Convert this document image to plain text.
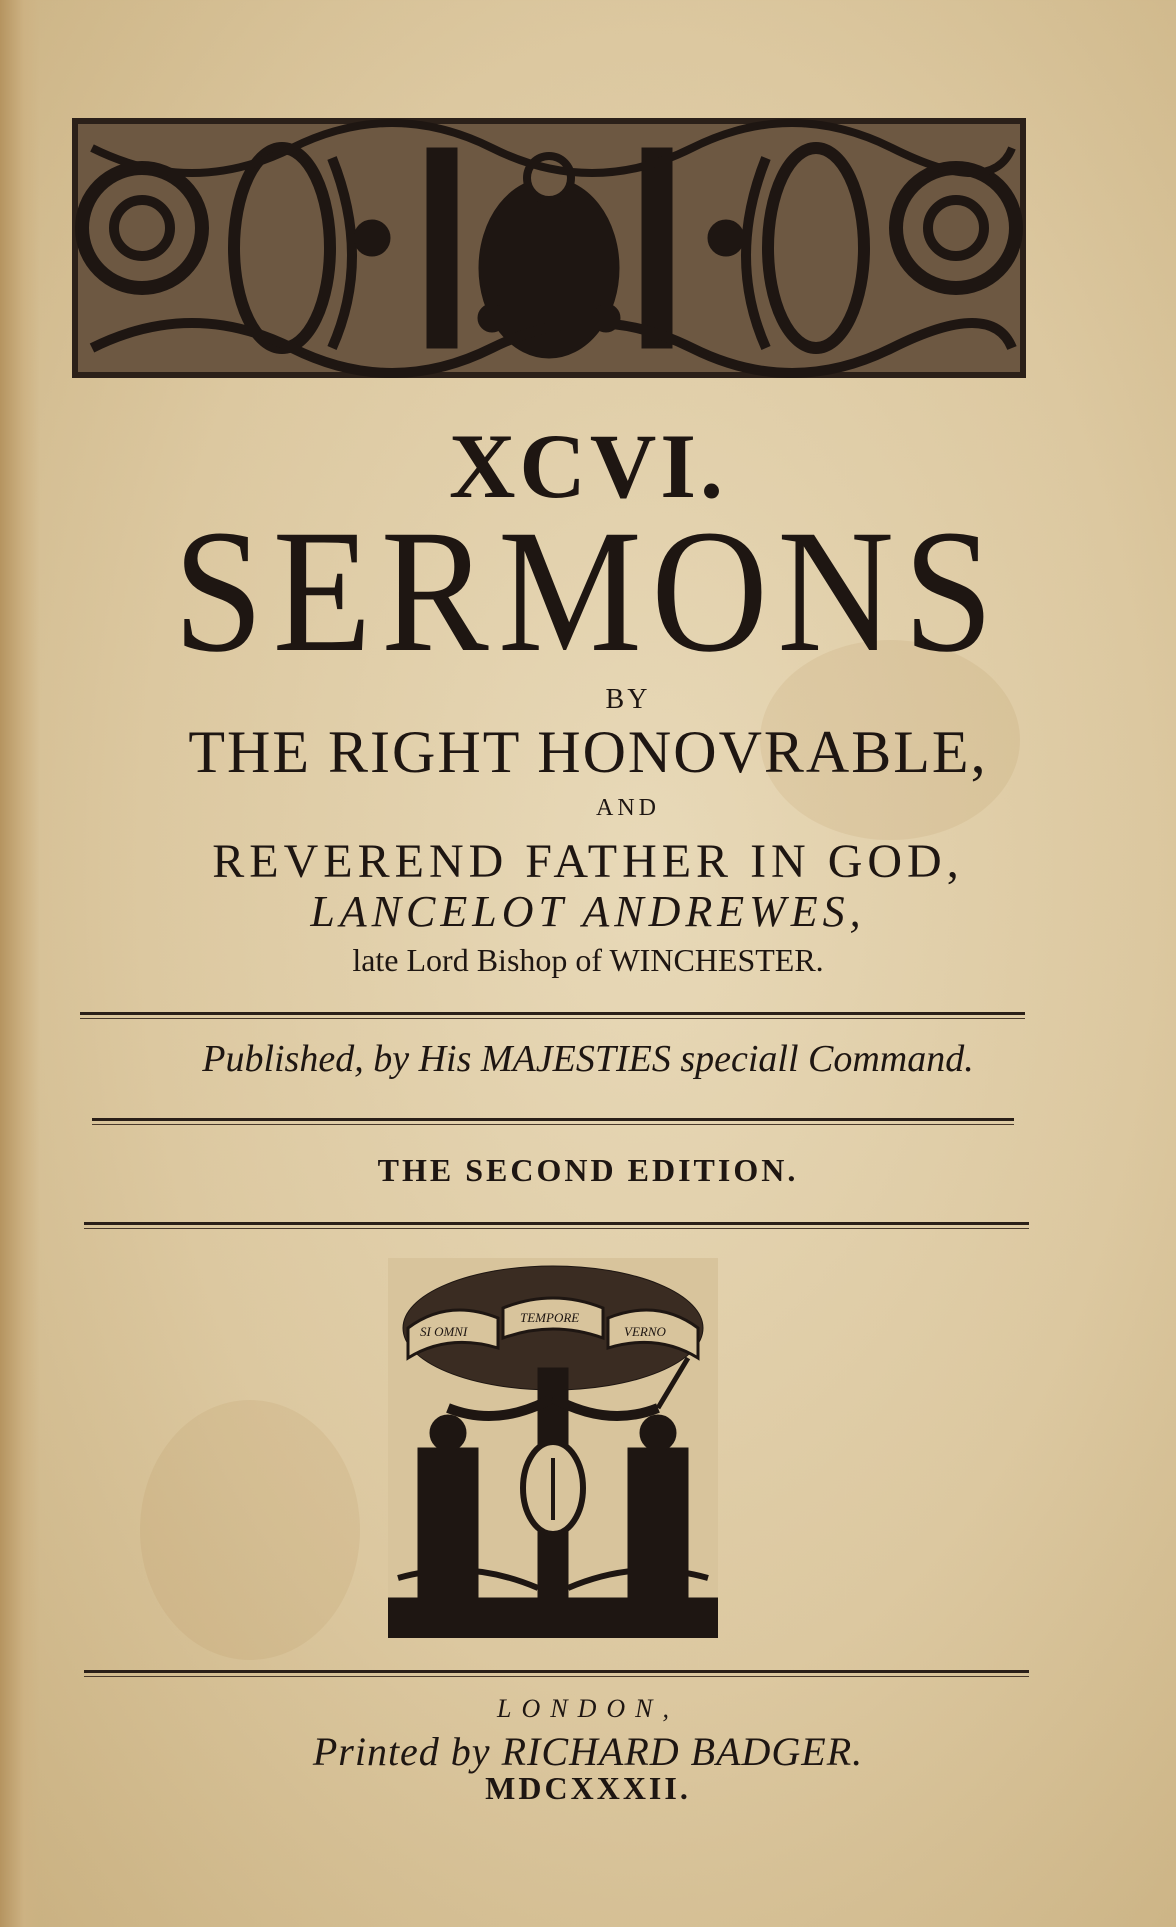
XCVI.
SERMONS
BY
THE RIGHT HONOVRABLE,
AND
REVEREND FATHER IN GOD,
LANCELOT ANDREWES,
late Lord Bishop of WINCHESTER.
Published, by His MAJESTIES speciall Command.
THE SECOND EDITION.
SI OMNI
TEMPORE
VERNO
LONDON,
Printed by RICHARD BADGER.
MDCXXXII.
